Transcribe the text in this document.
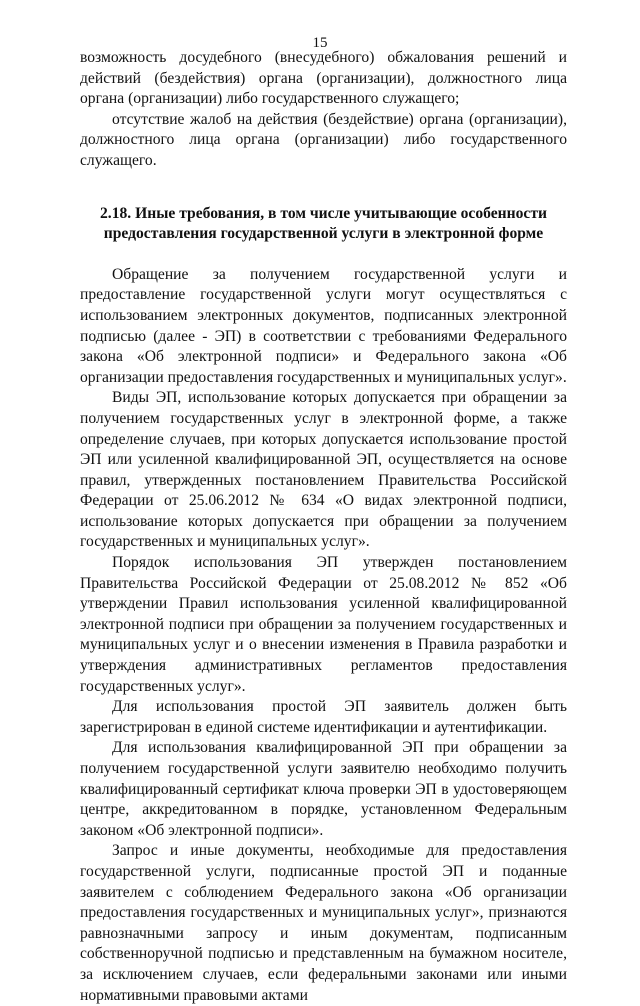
15

возможность досудебного (внесудебного) обжалования решений и действий (бездействия) органа (организации), должностного лица органа (организации) либо государственного служащего;

отсутствие жалоб на действия (бездействие) органа (организации), должностного лица органа (организации) либо государственного служащего.

2.18. Иные требования, в том числе учитывающие особенности
предоставления государственной услуги в электронной форме

Обращение за получением государственной услуги и предоставление государственной услуги могут осуществляться с использованием электронных документов, подписанных электронной подписью (далее - ЭП) в соответствии с требованиями Федерального закона «Об электронной подписи» и Федерального закона «Об организации предоставления государственных и муниципальных услуг».

Виды ЭП, использование которых допускается при обращении за получением государственных услуг в электронной форме, а также определение случаев, при которых допускается использование простой ЭП или усиленной квалифицированной ЭП, осуществляется на основе правил, утвержденных постановлением Правительства Российской Федерации от 25.06.2012 № 634 «О видах электронной подписи, использование которых допускается при обращении за получением государственных и муниципальных услуг».

Порядок использования ЭП утвержден постановлением Правительства Российской Федерации от 25.08.2012 № 852 «Об утверждении Правил использования усиленной квалифицированной электронной подписи при обращении за получением государственных и муниципальных услуг и о внесении изменения в Правила разработки и утверждения административных регламентов предоставления государственных услуг».

Для использования простой ЭП заявитель должен быть зарегистрирован в единой системе идентификации и аутентификации.

Для использования квалифицированной ЭП при обращении за получением государственной услуги заявителю необходимо получить квалифицированный сертификат ключа проверки ЭП в удостоверяющем центре, аккредитованном в порядке, установленном Федеральным законом «Об электронной подписи».

Запрос и иные документы, необходимые для предоставления государственной услуги, подписанные простой ЭП и поданные заявителем с соблюдением Федерального закона «Об организации предоставления государственных и муниципальных услуг», признаются равнозначными запросу и иным документам, подписанным собственноручной подписью и представленным на бумажном носителе, за исключением случаев, если федеральными законами или иными нормативными правовыми актами
